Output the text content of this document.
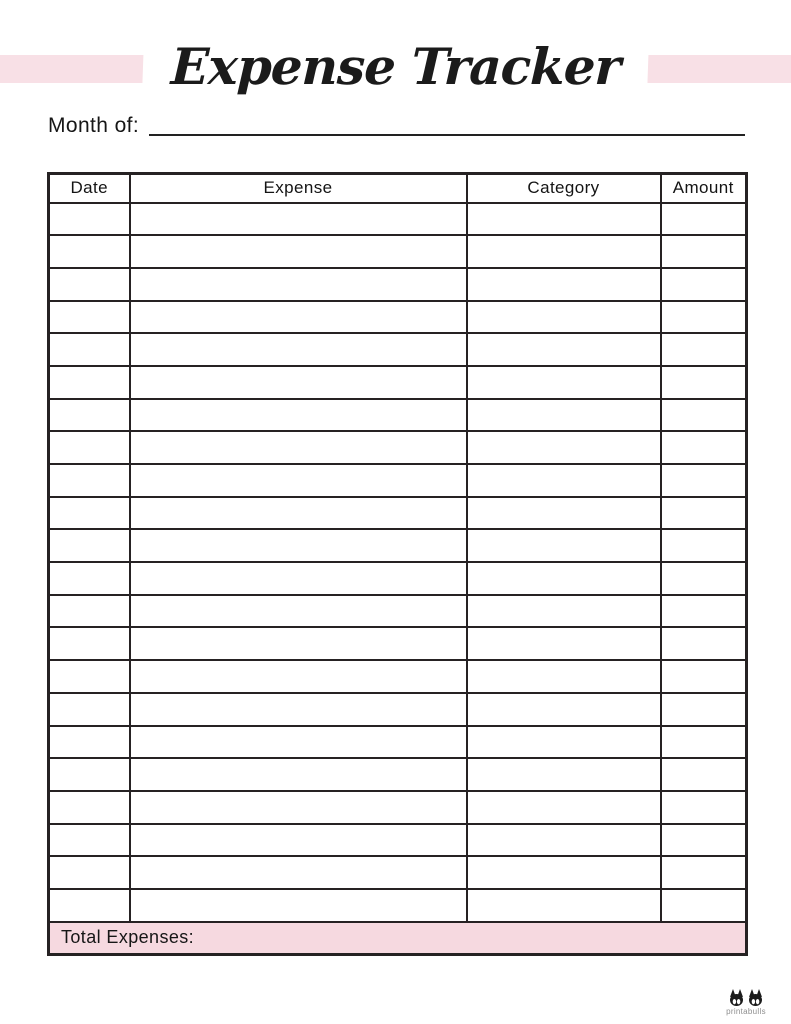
Expense Tracker
Month of:
Date	Expense	Category	Amount

Total Expenses:			
printabulls
